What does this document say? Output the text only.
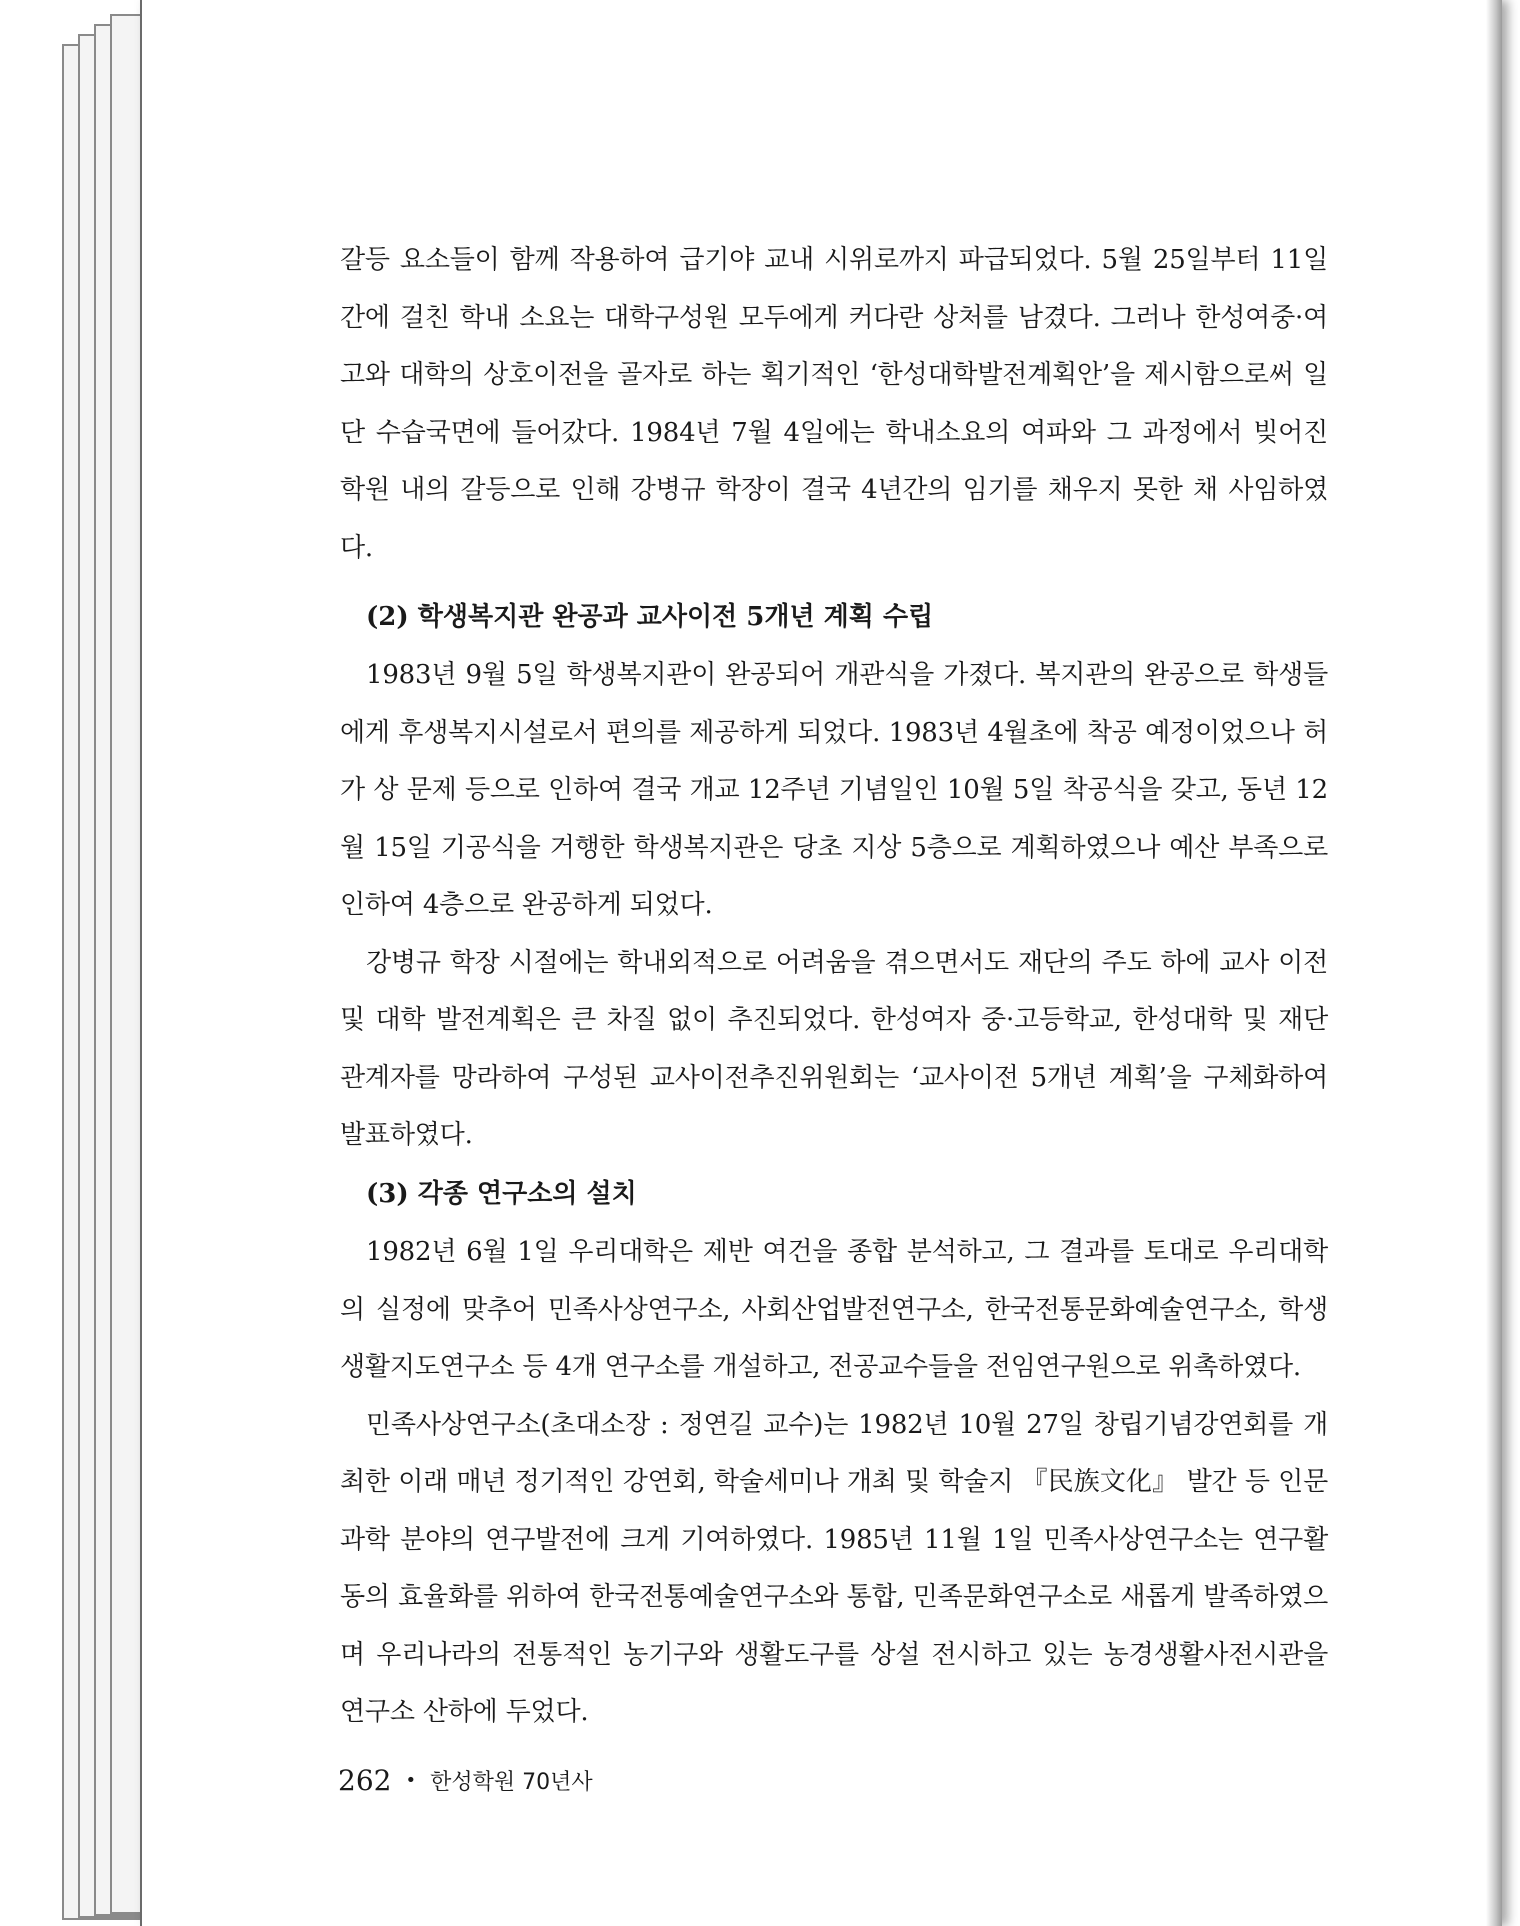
갈등 요소들이 함께 작용하여 급기야 교내 시위로까지 파급되었다. 5월 25일부터 11일간에 걸친 학내 소요는 대학구성원 모두에게 커다란 상처를 남겼다. 그러나 한성여중·여고와 대학의 상호이전을 골자로 하는 획기적인 ‘한성대학발전계획안’을 제시함으로써 일단 수습국면에 들어갔다. 1984년 7월 4일에는 학내소요의 여파와 그 과정에서 빚어진 학원 내의 갈등으로 인해 강병규 학장이 결국 4년간의 임기를 채우지 못한 채 사임하였다.

(2) 학생복지관 완공과 교사이전 5개년 계획 수립

1983년 9월 5일 학생복지관이 완공되어 개관식을 가졌다. 복지관의 완공으로 학생들에게 후생복지시설로서 편의를 제공하게 되었다. 1983년 4월초에 착공 예정이었으나 허가 상 문제 등으로 인하여 결국 개교 12주년 기념일인 10월 5일 착공식을 갖고, 동년 12월 15일 기공식을 거행한 학생복지관은 당초 지상 5층으로 계획하였으나 예산 부족으로 인하여 4층으로 완공하게 되었다.

강병규 학장 시절에는 학내외적으로 어려움을 겪으면서도 재단의 주도 하에 교사 이전 및 대학 발전계획은 큰 차질 없이 추진되었다. 한성여자 중·고등학교, 한성대학 및 재단 관계자를 망라하여 구성된 교사이전추진위원회는 ‘교사이전 5개년 계획’을 구체화하여 발표하였다.

(3) 각종 연구소의 설치

1982년 6월 1일 우리대학은 제반 여건을 종합 분석하고, 그 결과를 토대로 우리대학의 실정에 맞추어 민족사상연구소, 사회산업발전연구소, 한국전통문화예술연구소, 학생생활지도연구소 등 4개 연구소를 개설하고, 전공교수들을 전임연구원으로 위촉하였다.

민족사상연구소(초대소장 : 정연길 교수)는 1982년 10월 27일 창립기념강연회를 개최한 이래 매년 정기적인 강연회, 학술세미나 개최 및 학술지 『民族文化』 발간 등 인문과학 분야의 연구발전에 크게 기여하였다. 1985년 11월 1일 민족사상연구소는 연구활동의 효율화를 위하여 한국전통예술연구소와 통합, 민족문화연구소로 새롭게 발족하였으며 우리나라의 전통적인 농기구와 생활도구를 상설 전시하고 있는 농경생활사전시관을 연구소 산하에 두었다.

262 • 한성학원 70년사
